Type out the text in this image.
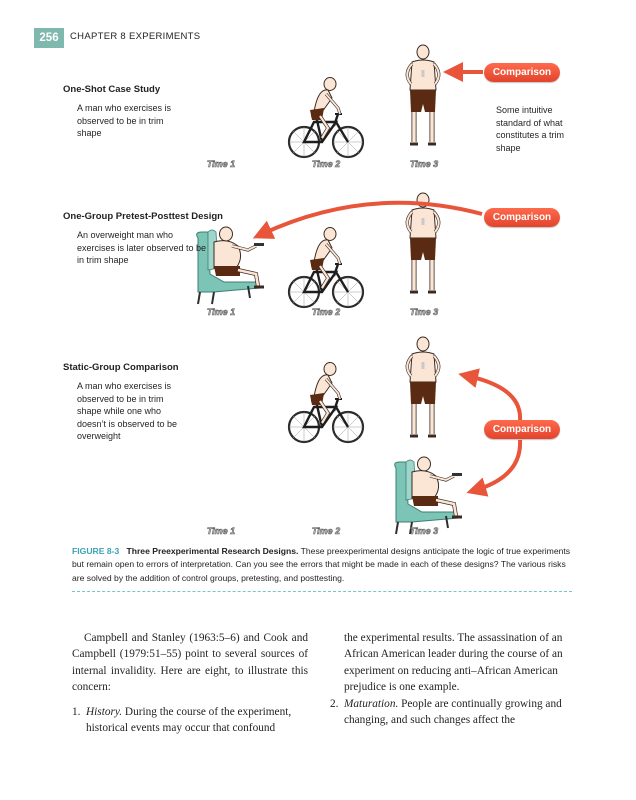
256	CHAPTER 8 EXPERIMENTS
One-Shot Case Study
A man who exercises is observed to be in trim shape
Comparison
Some intuitive standard of what constitutes a trim shape
Time 1	Time 2	Time 3
One-Group Pretest-Posttest Design
An overweight man who exercises is later observed to be in trim shape
Comparison
Time 1	Time 2	Time 3
Static-Group Comparison
A man who exercises is observed to be in trim shape while one who doesn’t is observed to be overweight
Comparison
Time 1	Time 2	Time 3
FIGURE 8-3 Three Preexperimental Research Designs. These preexperimental designs anticipate the logic of true experiments but remain open to errors of interpretation. Can you see the errors that might be made in each of these designs? The various risks are solved by the addition of control groups, pretesting, and posttesting.

Campbell and Stanley (1963:5–6) and Cook and Campbell (1979:51–55) point to several sources of internal invalidity. Here are eight, to illustrate this concern:

1. History. During the course of the experiment, historical events may occur that confound

the experimental results. The assassination of an African American leader during the course of an experiment on reducing anti–African American prejudice is one example.

2. Maturation. People are continually growing and changing, and such changes affect the
